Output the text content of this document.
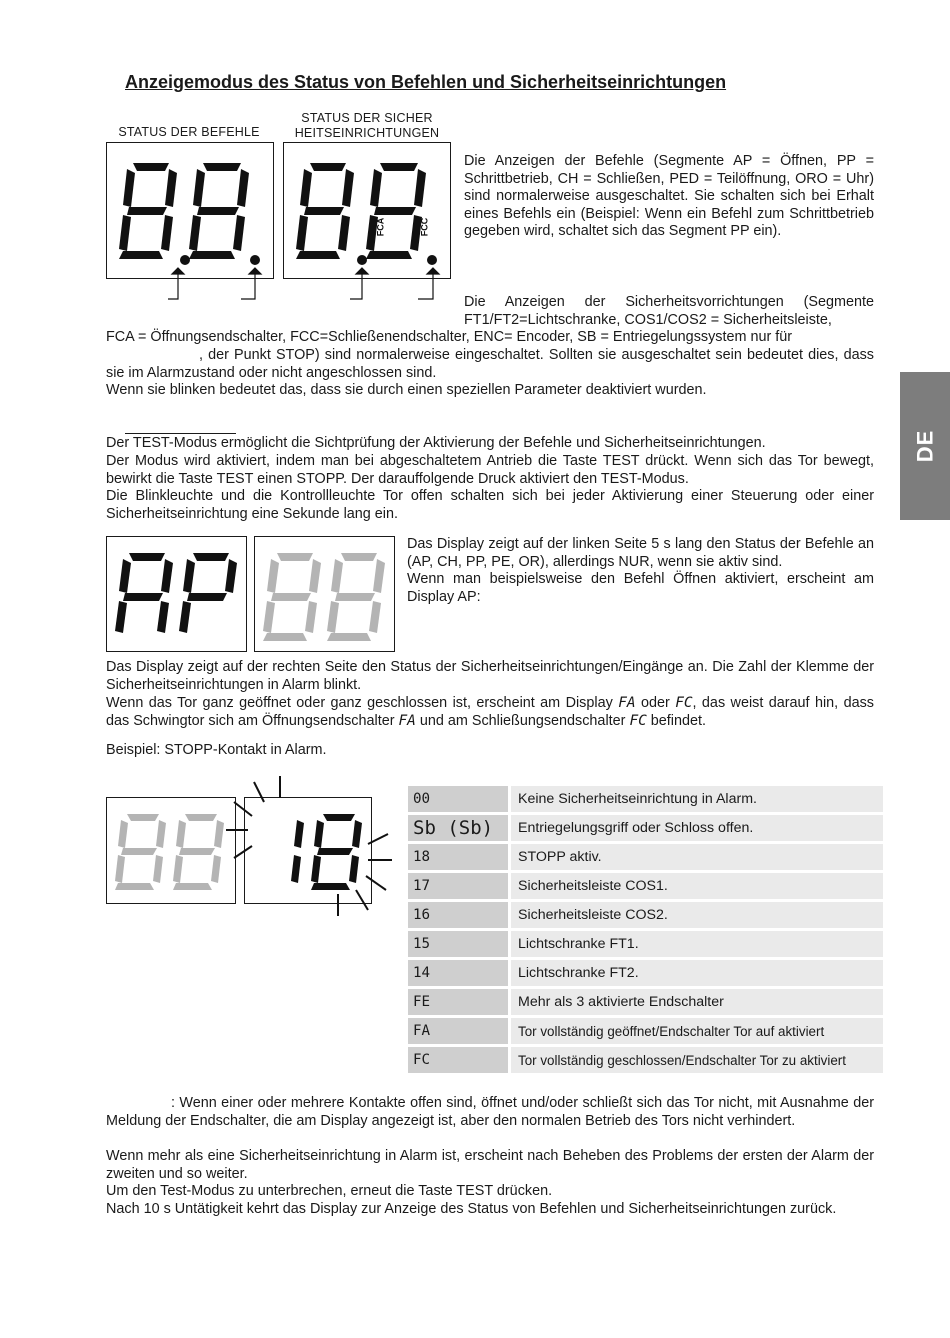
Anzeigemodus des Status von Befehlen und Sicherheitseinrichtungen
STATUS DER BEFEHLE
STATUS DER SICHER
HEITSEINRICHTUNGEN
FCA	FCC
Die Anzeigen der Befehle (Segmente AP = Öffnen, PP = Schrittbetrieb, CH = Schließen, PED = Teilöffnung, ORO = Uhr) sind normalerweise ausgeschaltet. Sie schalten sich bei Erhalt eines Befehls ein (Beispiel: Wenn ein Befehl zum Schrittbetrieb gegeben wird, schaltet sich das Segment PP ein).
Die Anzeigen der Sicherheitsvorrichtungen (Segmente FT1/FT2=Lichtschranke, COS1/COS2 = Sicherheitsleiste,
FCA = Öffnungsendschalter, FCC=Schließenendschalter, ENC= Encoder, SB = Entriegelungssystem nur für
, der Punkt STOP) sind normalerweise eingeschaltet. Sollten sie ausgeschaltet sein bedeutet dies, dass sie im Alarmzustand oder nicht angeschlossen sind.
Wenn sie blinken bedeutet das, dass sie durch einen speziellen Parameter deaktiviert wurden.
Der TEST-Modus ermöglicht die Sichtprüfung der Aktivierung der Befehle und Sicherheitseinrichtungen.
Der Modus wird aktiviert, indem man bei abgeschaltetem Antrieb die Taste TEST drückt. Wenn sich das Tor bewegt, bewirkt die Taste TEST einen STOPP. Der darauffolgende Druck aktiviert den TEST-Modus.
Die Blinkleuchte und die Kontrollleuchte Tor offen schalten sich bei jeder Aktivierung einer Steuerung oder einer Sicherheitseinrichtung eine Sekunde lang ein.
Das Display zeigt auf der linken Seite 5 s lang den Status der Befehle an (AP, CH, PP, PE, OR), allerdings NUR, wenn sie aktiv sind.
Wenn man beispielsweise den Befehl Öffnen aktiviert, erscheint am Display AP:
Das Display zeigt auf der rechten Seite den Status der Sicherheitseinrichtungen/Eingänge an. Die Zahl der Klemme der Sicherheitseinrichtungen in Alarm blinkt.
Wenn das Tor ganz geöffnet oder ganz geschlossen ist, erscheint am Display FA oder FC, das weist darauf hin, dass das Schwingtor sich am Öffnungsendschalter FA und am Schließungsendschalter FC befindet.
Beispiel: STOPP-Kontakt in Alarm.
00	Keine Sicherheitseinrichtung in Alarm.
Sb (Sb)	Entriegelungsgriff oder Schloss offen.
18	STOPP aktiv.
17	Sicherheitsleiste COS1.
16	Sicherheitsleiste COS2.
15	Lichtschranke FT1.
14	Lichtschranke FT2.
FE	Mehr als 3 aktivierte Endschalter
FA	Tor vollständig geöffnet/Endschalter Tor auf aktiviert
FC	Tor vollständig geschlossen/Endschalter Tor zu aktiviert
: Wenn einer oder mehrere Kontakte offen sind, öffnet und/oder schließt sich das Tor nicht, mit Ausnahme der Meldung der Endschalter, die am Display angezeigt ist, aber den normalen Betrieb des Tors nicht verhindert.
Wenn mehr als eine Sicherheitseinrichtung in Alarm ist, erscheint nach Beheben des Problems der ersten der Alarm der zweiten und so weiter.
Um den Test-Modus zu unterbrechen, erneut die Taste TEST drücken.
Nach 10 s Untätigkeit kehrt das Display zur Anzeige des Status von Befehlen und Sicherheitseinrichtungen zurück.
DE
